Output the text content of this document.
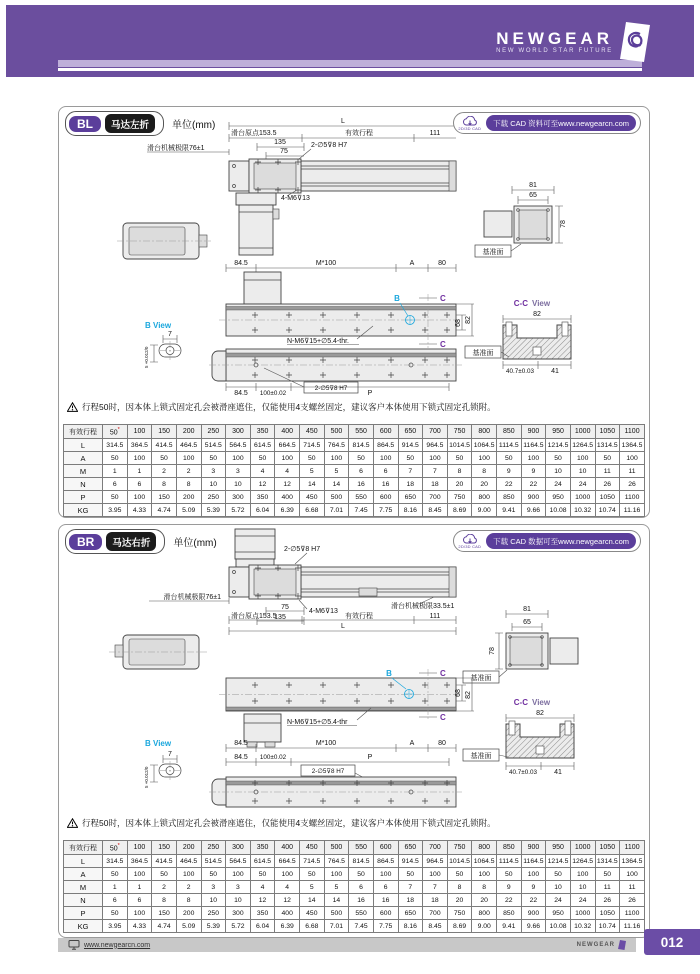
NEWGEAR
NEW WORLD STAR FUTURE
BL	马达左折	单位(mm)	2D/3D CAD
下载 CAD 资料可至www.newgearcn.com
L
滑台原点153.5	有效行程	111
135
75
2-∅5⊽8 H7
滑台机械极限76±1
4-M6⊽13
81
65
78
基准面
84.5	M*100	A	80
B	C
C
68 82
N-M6⊽15+∅5.4-thr.
84.5 100±0.02	P
2-∅5⊽8 H7
B View
7
5 +0.012/0
C-C View
82
基准面
40.7±0.03 41
行程50时，因本体上锁式固定孔会被滑座遮住，仅能使用4支螺丝固定，建议客户本体使用下锁式固定孔锁附。
有效行程	50*	100	150	200	250	300	350	400	450	500	550	600	650	700	750	800	850	900	950	1000	1050	1100
L	314.5	364.5	414.5	464.5	514.5	564.5	614.5	664.5	714.5	764.5	814.5	864.5	914.5	964.5	1014.5	1064.5	1114.5	1164.5	1214.5	1264.5	1314.5	1364.5
A	50	100	50	100	50	100	50	100	50	100	50	100	50	100	50	100	50	100	50	100	50	100
M	1	1	2	2	3	3	4	4	5	5	6	6	7	7	8	8	9	9	10	10	11	11
N	6	6	8	8	10	10	12	12	14	14	16	16	18	18	20	20	22	22	24	24	26	26
P	50	100	150	200	250	300	350	400	450	500	550	600	650	700	750	800	850	900	950	1000	1050	1100
KG	3.95	4.33	4.74	5.09	5.39	5.72	6.04	6.39	6.68	7.01	7.45	7.75	8.16	8.45	8.69	9.00	9.41	9.66	10.08	10.32	10.74	11.16
BR	马达右折	单位(mm)	2D/3D CAD
下载 CAD 数据可至www.newgearcn.com
2-∅5⊽8 H7
滑台机械极限76±1
75
135
4-M6⊽13
滑台机械极限33.5±1
滑台原点153.5	有效行程	111
L
81
65
78
基准面
B	C
C
68 82
N-M6⊽15+∅5.4-thr
84.5	M*100	A	80
B View
7
5 +0.012/0
84.5 100±0.02	P
2-∅5⊽8 H7
C-C View
82
基准面
40.7±0.03 41
行程50时，因本体上锁式固定孔会被滑座遮住，仅能使用4支螺丝固定，建议客户本体使用下锁式固定孔锁附。
有效行程	50*	100	150	200	250	300	350	400	450	500	550	600	650	700	750	800	850	900	950	1000	1050	1100
L	314.5	364.5	414.5	464.5	514.5	564.5	614.5	664.5	714.5	764.5	814.5	864.5	914.5	964.5	1014.5	1064.5	1114.5	1164.5	1214.5	1264.5	1314.5	1364.5
A	50	100	50	100	50	100	50	100	50	100	50	100	50	100	50	100	50	100	50	100	50	100
M	1	1	2	2	3	3	4	4	5	5	6	6	7	7	8	8	9	9	10	10	11	11
N	6	6	8	8	10	10	12	12	14	14	16	16	18	18	20	20	22	22	24	24	26	26
P	50	100	150	200	250	300	350	400	450	500	550	600	650	700	750	800	850	900	950	1000	1050	1100
KG	3.95	4.33	4.74	5.09	5.39	5.72	6.04	6.39	6.68	7.01	7.45	7.75	8.16	8.45	8.69	9.00	9.41	9.66	10.08	10.32	10.74	11.16
www.newgearcn.com	NEWGEAR	012
